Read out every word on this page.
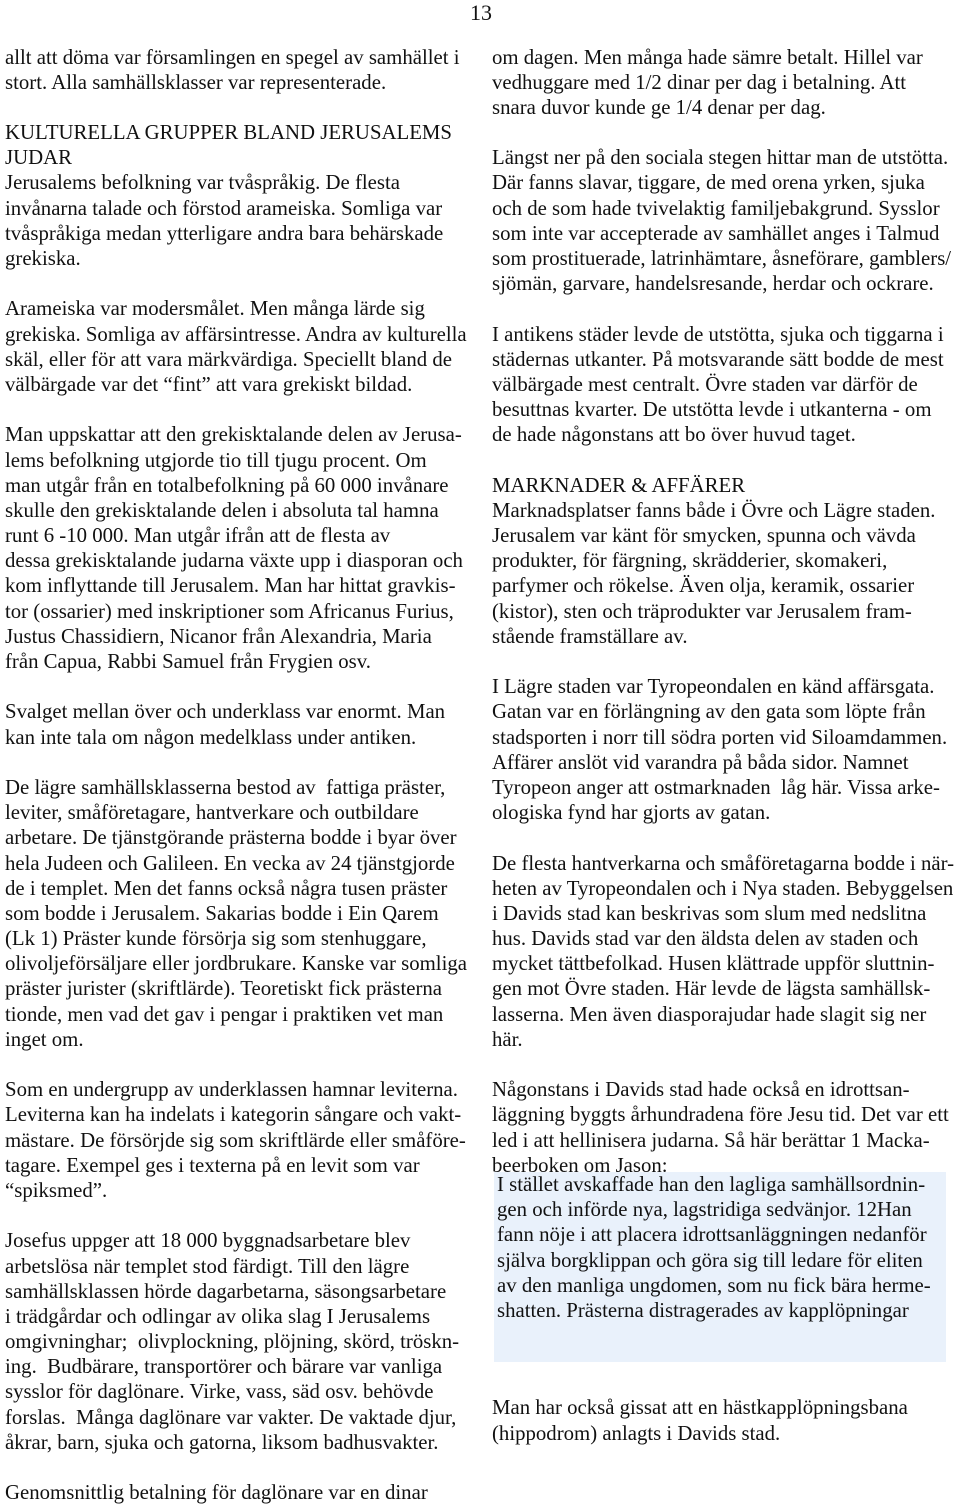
13
allt att döma var församlingen en spegel av samhället i
stort. Alla samhällsklasser var representerade.
KULTURELLA GRUPPER BLAND JERUSALEMS
JUDAR
Jerusalems befolkning var tvåspråkig. De flesta
invånarna talade och förstod arameiska. Somliga var
tvåspråkiga medan ytterligare andra bara behärskade
grekiska.
Arameiska var modersmålet. Men många lärde sig
grekiska. Somliga av affärsintresse. Andra av kulturella
skäl, eller för att vara märkvärdiga. Speciellt bland de
välbärgade var det “fint” att vara grekiskt bildad.
Man uppskattar att den grekisktalande delen av Jerusa-
lems befolkning utgjorde tio till tjugu procent. Om
man utgår från en totalbefolkning på 60 000 invånare
skulle den grekisktalande delen i absoluta tal hamna
runt 6 -10 000. Man utgår ifrån att de flesta av
dessa grekisktalande judarna växte upp i diasporan och
kom inflyttande till Jerusalem. Man har hittat gravkis-
tor (ossarier) med inskriptioner som Africanus Furius,
Justus Chassidiern, Nicanor från Alexandria, Maria
från Capua, Rabbi Samuel från Frygien osv.
Svalget mellan över och underklass var enormt. Man
kan inte tala om någon medelklass under antiken.
De lägre samhällsklasserna bestod av  fattiga präster,
leviter, småföretagare, hantverkare och outbildare
arbetare. De tjänstgörande prästerna bodde i byar över
hela Judeen och Galileen. En vecka av 24 tjänstgjorde
de i templet. Men det fanns också några tusen präster
som bodde i Jerusalem. Sakarias bodde i Ein Qarem
(Lk 1) Präster kunde försörja sig som stenhuggare,
olivoljeförsäljare eller jordbrukare. Kanske var somliga
präster jurister (skriftlärde). Teoretiskt fick prästerna
tionde, men vad det gav i pengar i praktiken vet man
inget om.
Som en undergrupp av underklassen hamnar leviterna.
Leviterna kan ha indelats i kategorin sångare och vakt-
mästare. De försörjde sig som skriftlärde eller småföre-
tagare. Exempel ges i texterna på en levit som var
“spiksmed”.
Josefus uppger att 18 000 byggnadsarbetare blev
arbetslösa när templet stod färdigt. Till den lägre
samhällsklassen hörde dagarbetarna, säsongsarbetare
i trädgårdar och odlingar av olika slag I Jerusalems
omgivninghar;  olivplockning, plöjning, skörd, tröskn-
ing.  Budbärare, transportörer och bärare var vanliga
sysslor för daglönare. Virke, vass, säd osv. behövde
forslas.  Många daglönare var vakter. De vaktade djur,
åkrar, barn, sjuka och gatorna, liksom badhusvakter.
Genomsnittlig betalning för daglönare var en dinar
om dagen. Men många hade sämre betalt. Hillel var
vedhuggare med 1/2 dinar per dag i betalning. Att
snara duvor kunde ge 1/4 denar per dag.
Längst ner på den sociala stegen hittar man de utstötta.
Där fanns slavar, tiggare, de med orena yrken, sjuka
och de som hade tvivelaktig familjebakgrund. Sysslor
som inte var accepterade av samhället anges i Talmud
som prostituerade, latrinhämtare, åsneförare, gamblers/
sjömän, garvare, handelsresande, herdar och ockrare.
I antikens städer levde de utstötta, sjuka och tiggarna i
städernas utkanter. På motsvarande sätt bodde de mest
välbärgade mest centralt. Övre staden var därför de
besuttnas kvarter. De utstötta levde i utkanterna - om
de hade någonstans att bo över huvud taget.
MARKNADER & AFFÄRER
Marknadsplatser fanns både i Övre och Lägre staden.
Jerusalem var känt för smycken, spunna och vävda
produkter, för färgning, skrädderier, skomakeri,
parfymer och rökelse. Även olja, keramik, ossarier
(kistor), sten och träprodukter var Jerusalem fram-
stående framställare av.
I Lägre staden var Tyropeondalen en känd affärsgata.
Gatan var en förlängning av den gata som löpte från
stadsporten i norr till södra porten vid Siloamdammen.
Affärer anslöt vid varandra på båda sidor. Namnet
Tyropeon anger att ostmarknaden  låg här. Vissa arke-
ologiska fynd har gjorts av gatan.
De flesta hantverkarna och småföretagarna bodde i när-
heten av Tyropeondalen och i Nya staden. Bebyggelsen
i Davids stad kan beskrivas som slum med nedslitna
hus. Davids stad var den äldsta delen av staden och
mycket tättbefolkad. Husen klättrade uppför sluttnin-
gen mot Övre staden. Här levde de lägsta samhällsk-
lasserna. Men även diasporajudar hade slagit sig ner
här.
Någonstans i Davids stad hade också en idrottsan-
läggning byggts århundradena före Jesu tid. Det var ett
led i att hellinisera judarna. Så här berättar 1 Macka-
beerboken om Jason:
I stället avskaffade han den lagliga samhällsordnin-
gen och införde nya, lagstridiga sedvänjor. 12Han
fann nöje i att placera idrottsanläggningen nedanför
själva borgklippan och göra sig till ledare för eliten
av den manliga ungdomen, som nu fick bära herme-
shatten. Prästerna distragerades av kapplöpningar
Man har också gissat att en hästkapplöpningsbana
(hippodrom) anlagts i Davids stad.
